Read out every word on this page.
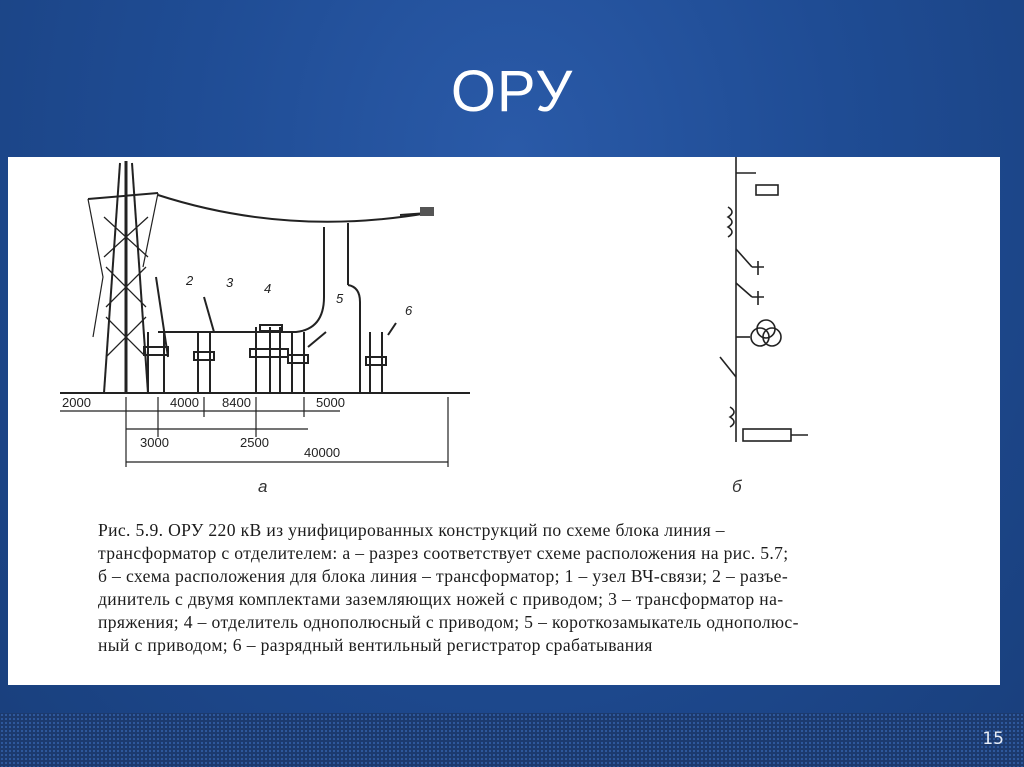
ОРУ
2	3 4
5
6
2000	4000 8400	5000
3000	2500
40000
а	б
Рис. 5.9. ОРУ 220 кВ из унифицированных конструкций по схеме блока линия –
трансформатор с отделителем: а – разрез соответствует схеме расположения на рис. 5.7;
б – схема расположения для блока линия – трансформатор; 1 – узел ВЧ-связи; 2 – разъе-
динитель с двумя комплектами заземляющих ножей с приводом; 3 – трансформатор на-
пряжения; 4 – отделитель однополюсный с приводом; 5 – короткозамыкатель однополюс-
ный с приводом; 6 – разрядный вентильный регистратор срабатывания
15
